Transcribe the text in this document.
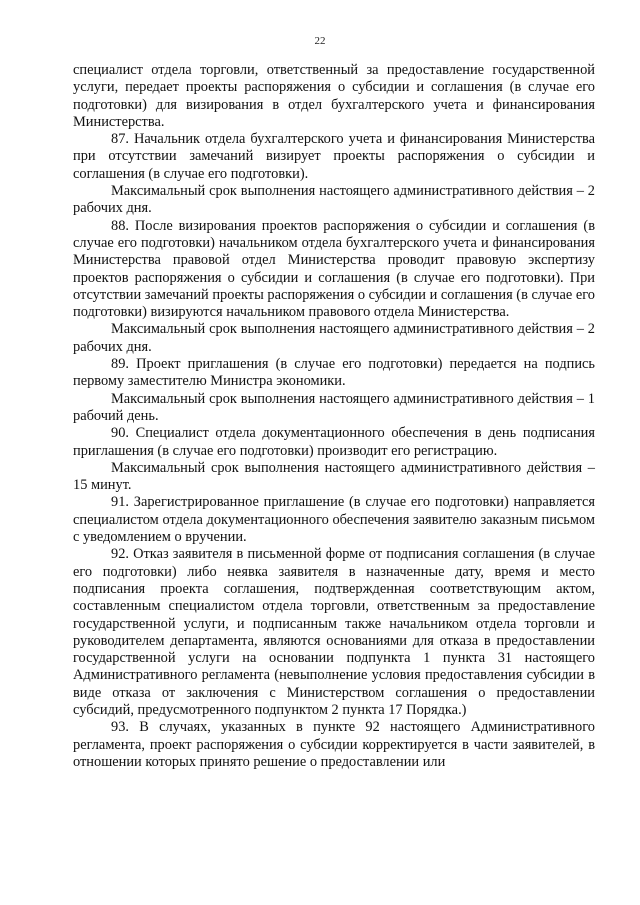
22

специалист отдела торговли, ответственный за предоставление государственной услуги, передает проекты распоряжения о субсидии и соглашения (в случае его подготовки) для визирования в отдел бухгалтерского учета и финансирования Министерства.

87. Начальник отдела бухгалтерского учета и финансирования Министерства при отсутствии замечаний визирует проекты распоряжения о субсидии и соглашения (в случае его подготовки).

Максимальный срок выполнения настоящего административного действия – 2 рабочих дня.

88. После визирования проектов распоряжения о субсидии и соглашения (в случае его подготовки) начальником отдела бухгалтерского учета и финансирования Министерства правовой отдел Министерства проводит правовую экспертизу проектов распоряжения о субсидии и соглашения (в случае его подготовки). При отсутствии замечаний проекты распоряжения о субсидии и соглашения (в случае его подготовки) визируются начальником правового отдела Министерства.

Максимальный срок выполнения настоящего административного действия – 2 рабочих дня.

89. Проект приглашения (в случае его подготовки) передается на подпись первому заместителю Министра экономики.

Максимальный срок выполнения настоящего административного действия – 1 рабочий день.

90. Специалист отдела документационного обеспечения в день подписания приглашения (в случае его подготовки) производит его регистрацию.

Максимальный срок выполнения настоящего административного действия – 15 минут.

91. Зарегистрированное приглашение (в случае его подготовки) направляется специалистом отдела документационного обеспечения заявителю заказным письмом с уведомлением о вручении.

92. Отказ заявителя в письменной форме от подписания соглашения (в случае его подготовки) либо неявка заявителя в назначенные дату, время и место подписания проекта соглашения, подтвержденная соответствующим актом, составленным специалистом отдела торговли, ответственным за предоставление государственной услуги, и подписанным также начальником отдела торговли и руководителем департамента, являются основаниями для отказа в предоставлении государственной услуги на основании подпункта 1 пункта 31 настоящего Административного регламента (невыполнение условия предоставления субсидии в виде отказа от заключения с Министерством соглашения о предоставлении субсидий, предусмотренного подпунктом 2 пункта 17 Порядка.)

93. В случаях, указанных в пункте 92 настоящего Административного регламента, проект распоряжения о субсидии корректируется в части заявителей, в отношении которых принято решение о предоставлении или
